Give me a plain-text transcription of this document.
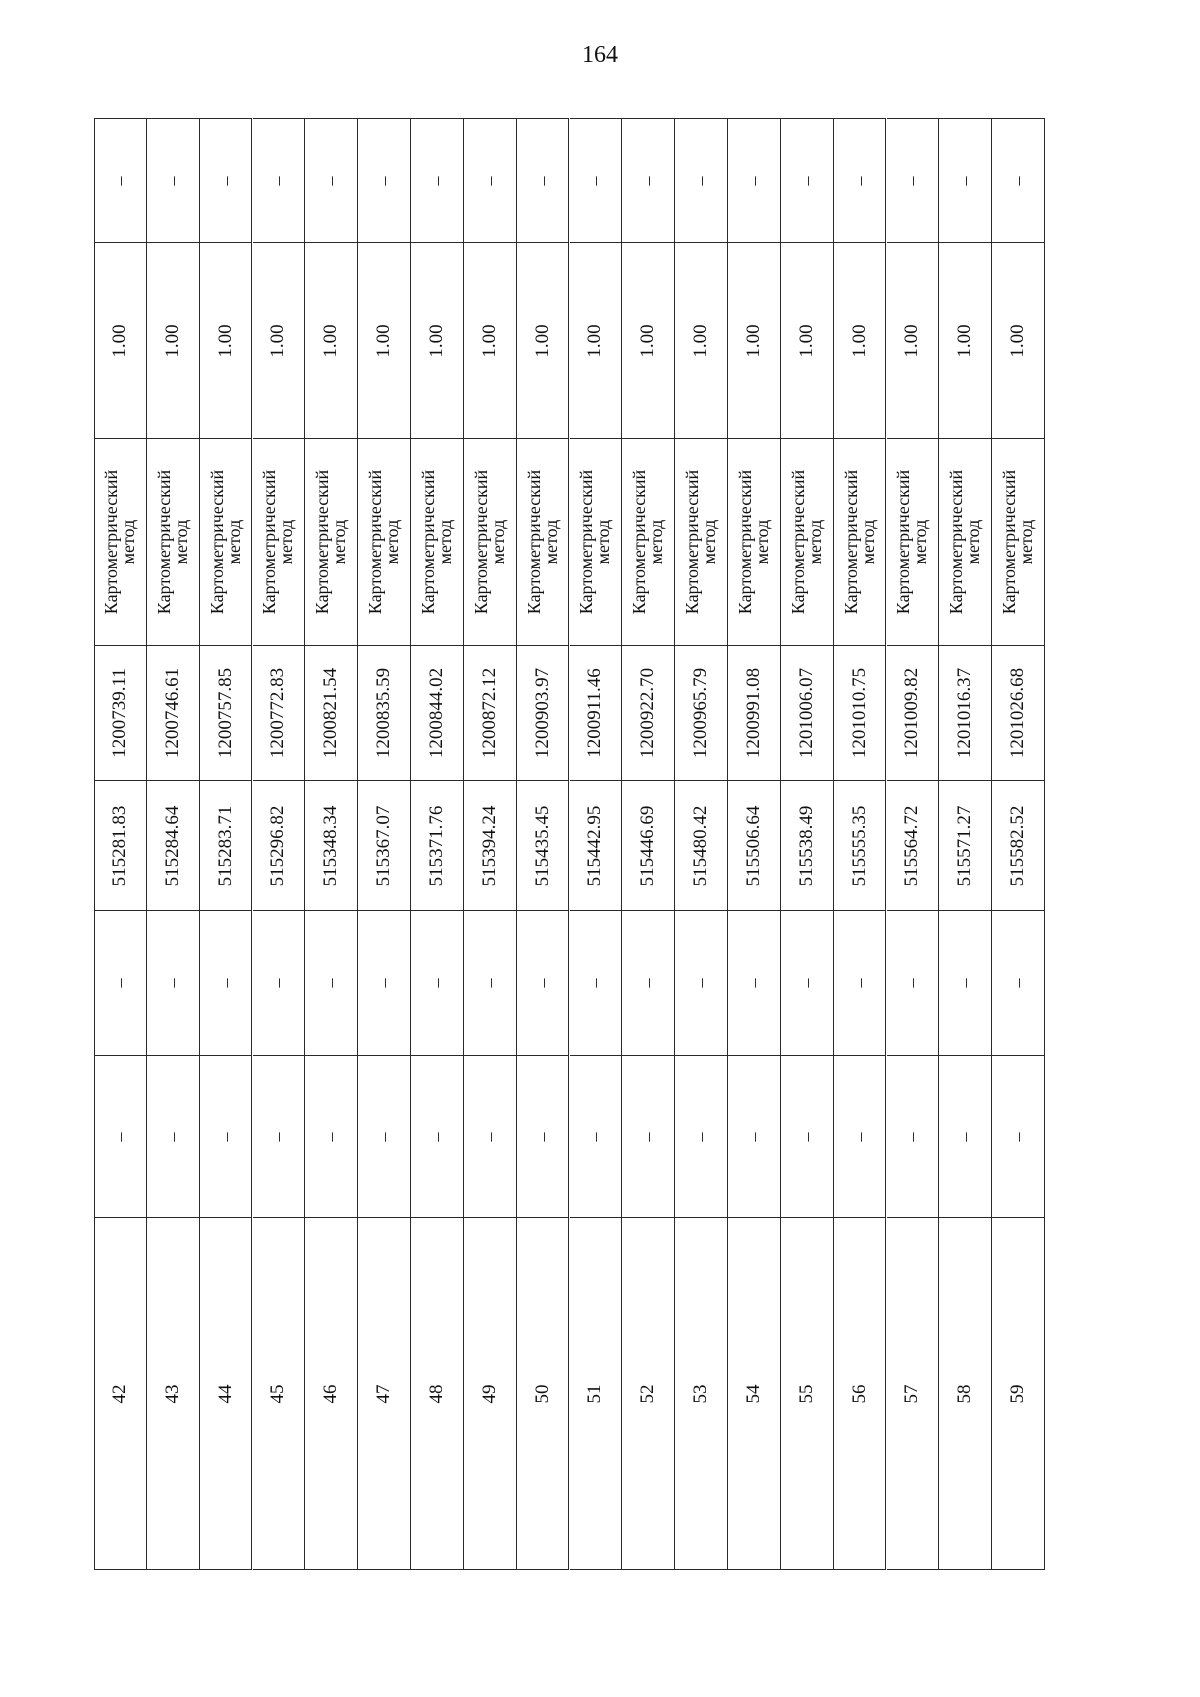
164
–
1.00
Картометрический
метод
1200739.11
515281.83
–
–
42
–
1.00
Картометрический
метод
1200746.61
515284.64
–
–
43
–
1.00
Картометрический
метод
1200757.85
515283.71
–
–
44
–
1.00
Картометрический
метод
1200772.83
515296.82
–
–
45
–
1.00
Картометрический
метод
1200821.54
515348.34
–
–
46
–
1.00
Картометрический
метод
1200835.59
515367.07
–
–
47
–
1.00
Картометрический
метод
1200844.02
515371.76
–
–
48
–
1.00
Картометрический
метод
1200872.12
515394.24
–
–
49
–
1.00
Картометрический
метод
1200903.97
515435.45
–
–
50
–
1.00
Картометрический
метод
1200911.46
515442.95
–
–
51
–
1.00
Картометрический
метод
1200922.70
515446.69
–
–
52
–
1.00
Картометрический
метод
1200965.79
515480.42
–
–
53
–
1.00
Картометрический
метод
1200991.08
515506.64
–
–
54
–
1.00
Картометрический
метод
1201006.07
515538.49
–
–
55
–
1.00
Картометрический
метод
1201010.75
515555.35
–
–
56
–
1.00
Картометрический
метод
1201009.82
515564.72
–
–
57
–
1.00
Картометрический
метод
1201016.37
515571.27
–
–
58
–
1.00
Картометрический
метод
1201026.68
515582.52
–
–
59
